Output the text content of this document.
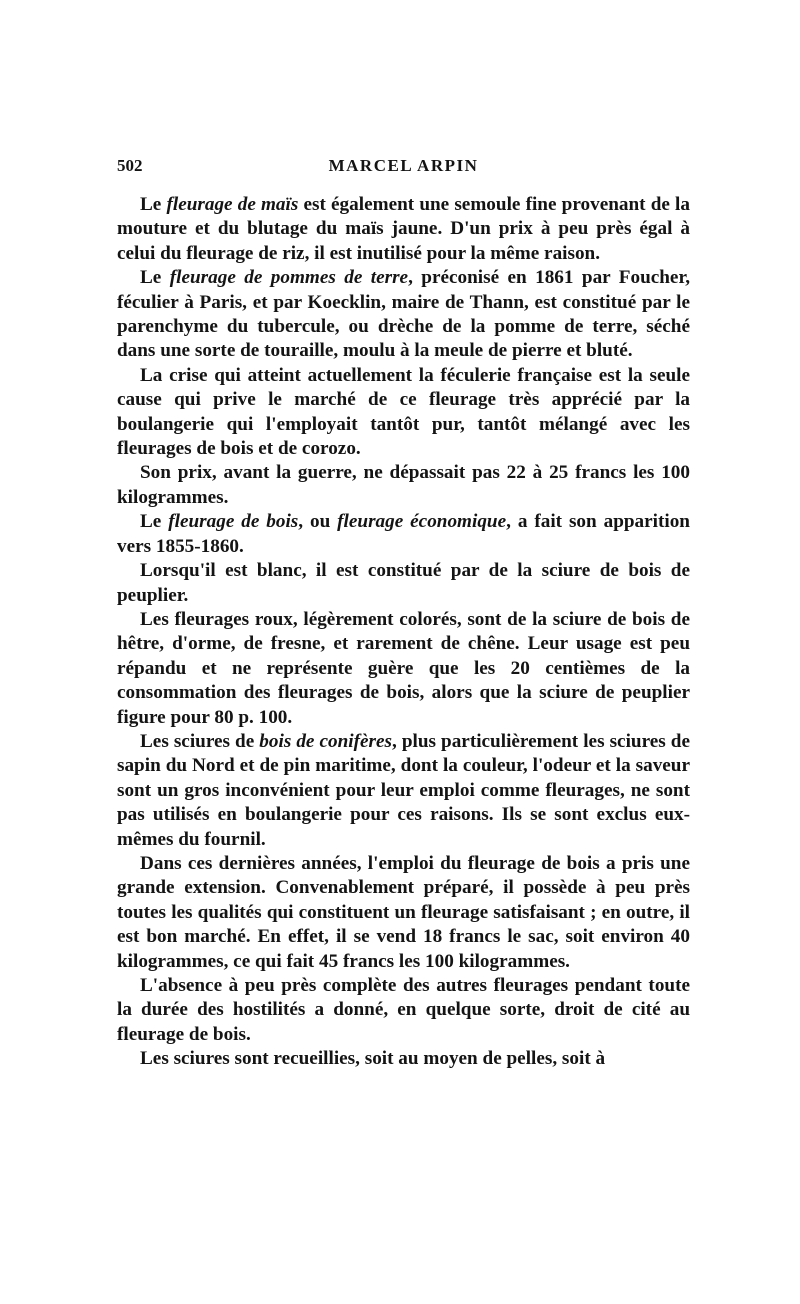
502	MARCEL ARPIN

Le fleurage de maïs est également une semoule fine provenant de la mouture et du blutage du maïs jaune. D'un prix à peu près égal à celui du fleurage de riz, il est inutilisé pour la même raison.

Le fleurage de pommes de terre, préconisé en 1861 par Foucher, féculier à Paris, et par Koecklin, maire de Thann, est constitué par le parenchyme du tubercule, ou drèche de la pomme de terre, séché dans une sorte de touraille, moulu à la meule de pierre et bluté.

La crise qui atteint actuellement la féculerie française est la seule cause qui prive le marché de ce fleurage très apprécié par la boulangerie qui l'employait tantôt pur, tantôt mélangé avec les fleurages de bois et de corozo.

Son prix, avant la guerre, ne dépassait pas 22 à 25 francs les 100 kilogrammes.

Le fleurage de bois, ou fleurage économique, a fait son apparition vers 1855-1860.

Lorsqu'il est blanc, il est constitué par de la sciure de bois de peuplier.

Les fleurages roux, légèrement colorés, sont de la sciure de bois de hêtre, d'orme, de fresne, et rarement de chêne. Leur usage est peu répandu et ne représente guère que les 20 centièmes de la consommation des fleurages de bois, alors que la sciure de peuplier figure pour 80 p. 100.

Les sciures de bois de conifères, plus particulièrement les sciures de sapin du Nord et de pin maritime, dont la couleur, l'odeur et la saveur sont un gros inconvénient pour leur emploi comme fleurages, ne sont pas utilisés en boulangerie pour ces raisons. Ils se sont exclus eux-mêmes du fournil.

Dans ces dernières années, l'emploi du fleurage de bois a pris une grande extension. Convenablement préparé, il possède à peu près toutes les qualités qui constituent un fleurage satisfaisant ; en outre, il est bon marché. En effet, il se vend 18 francs le sac, soit environ 40 kilogrammes, ce qui fait 45 francs les 100 kilogrammes.

L'absence à peu près complète des autres fleurages pendant toute la durée des hostilités a donné, en quelque sorte, droit de cité au fleurage de bois.

Les sciures sont recueillies, soit au moyen de pelles, soit à
